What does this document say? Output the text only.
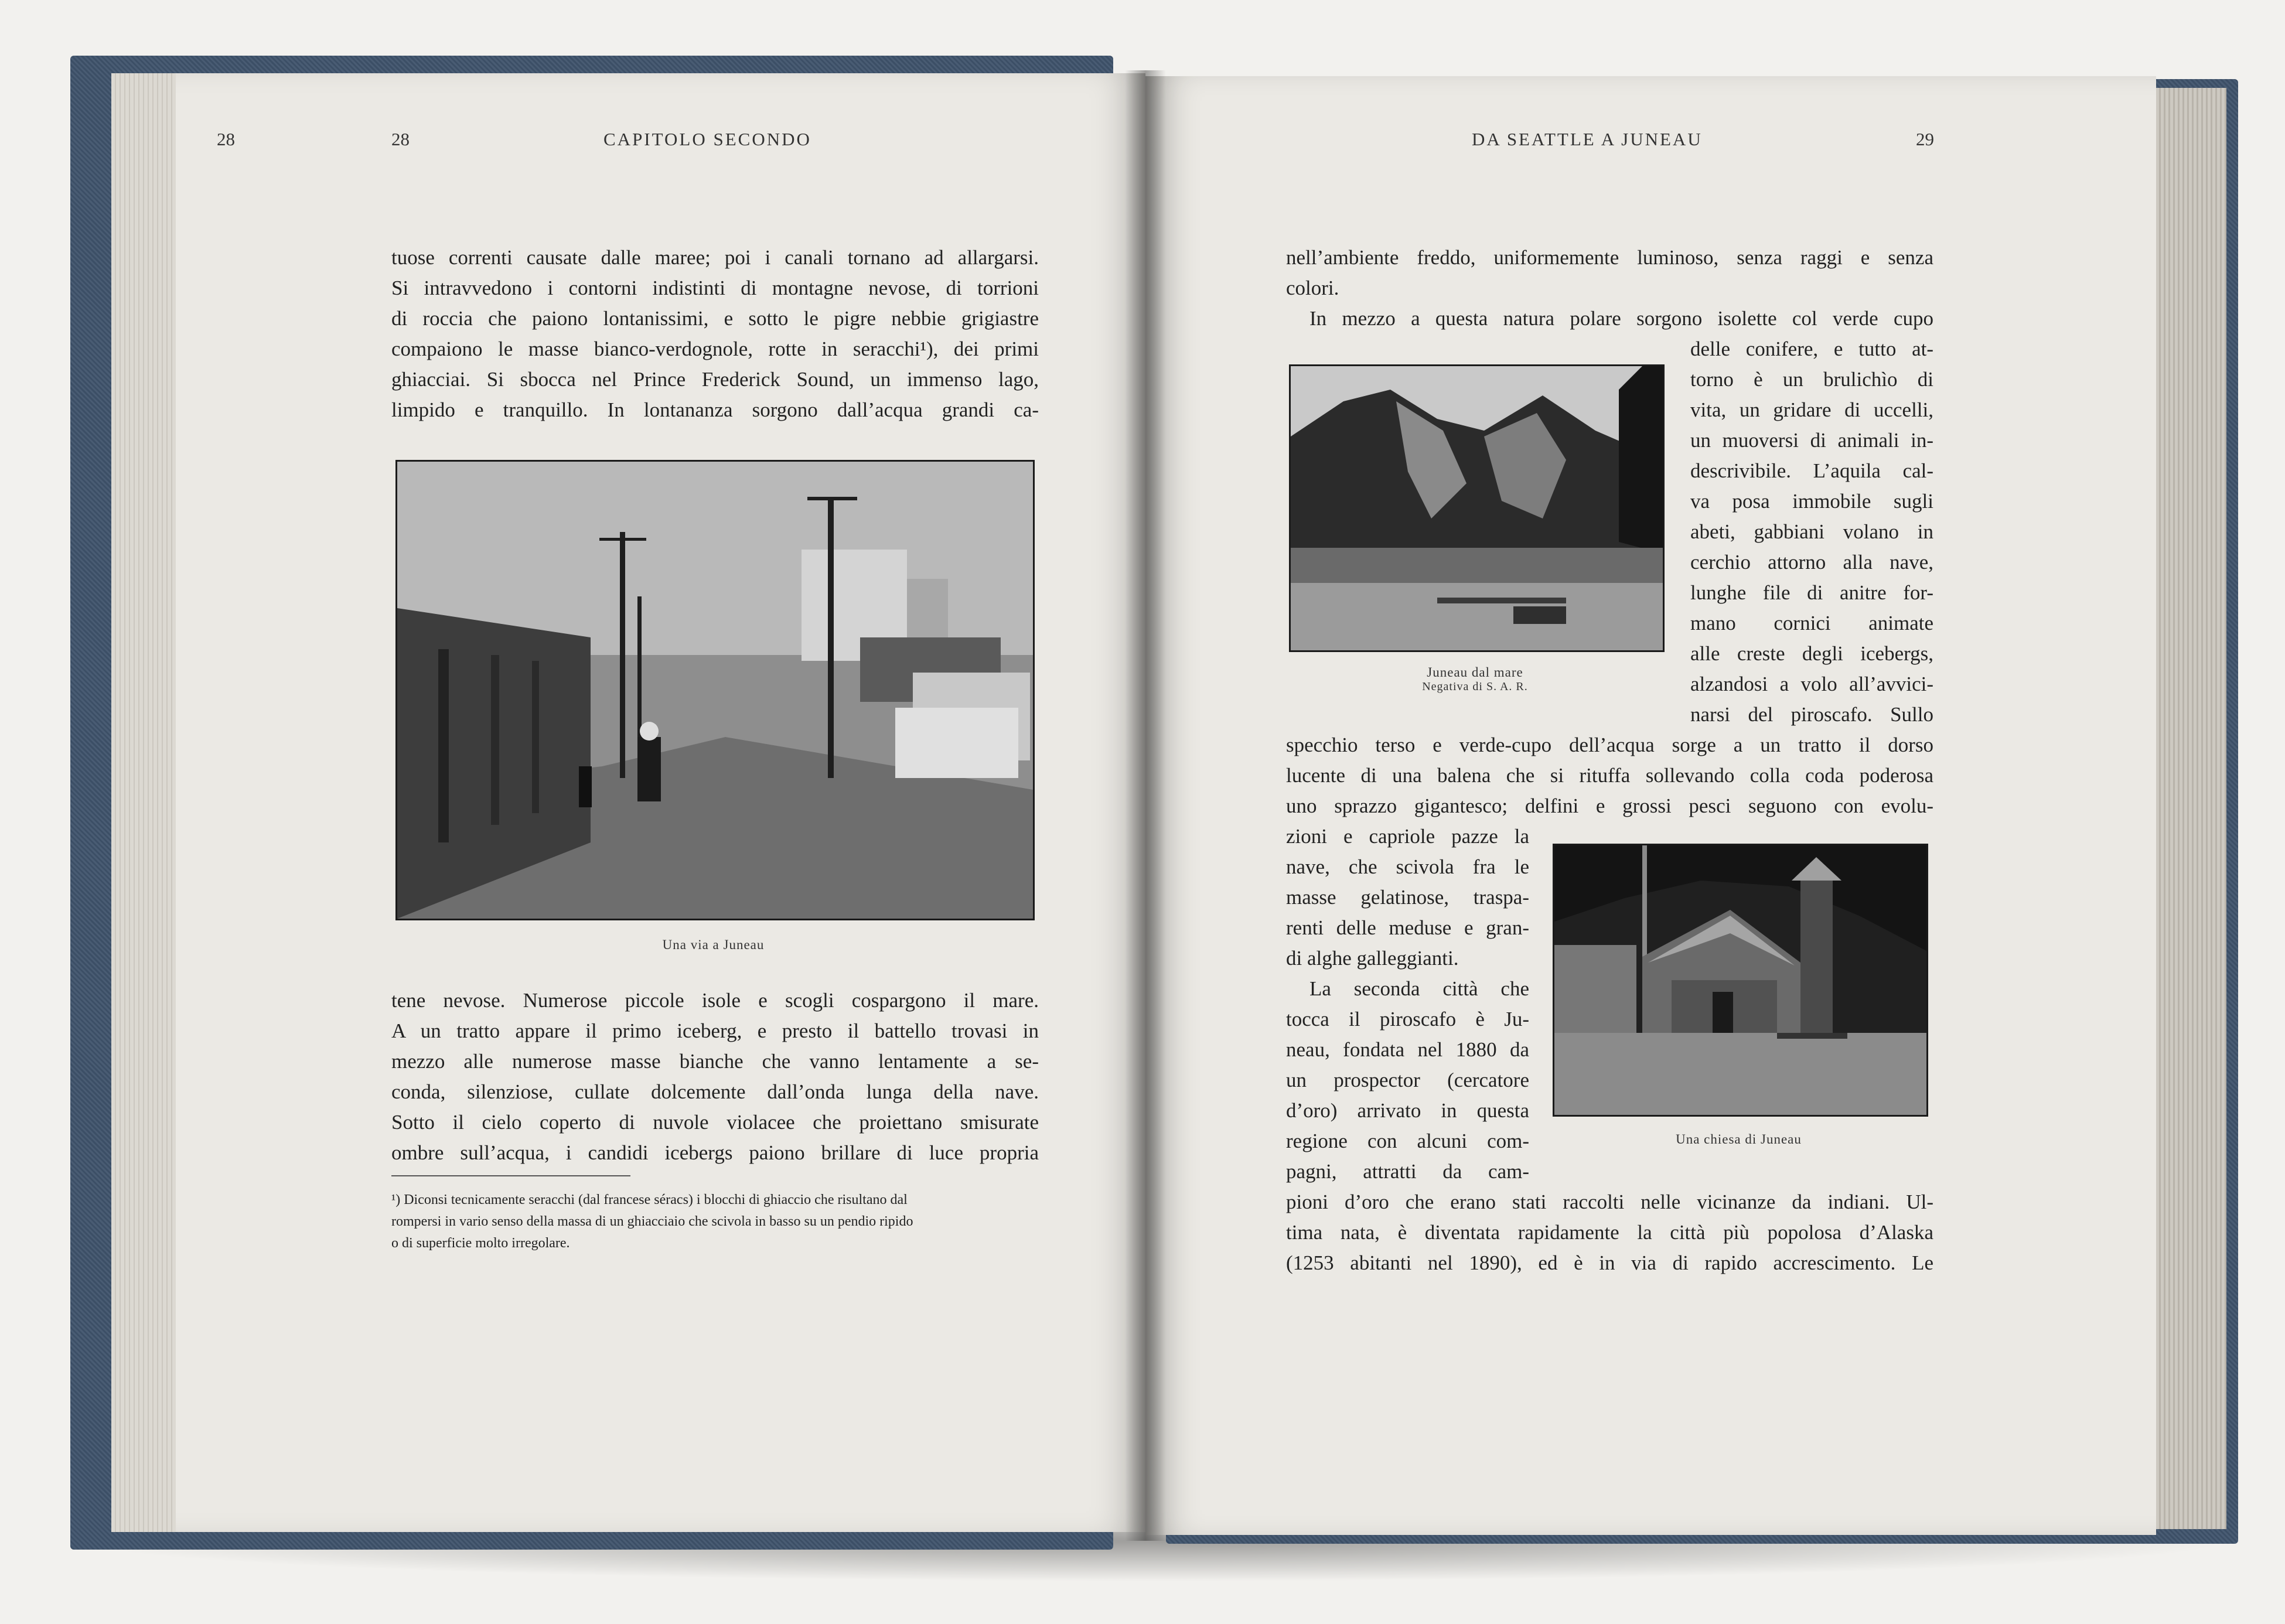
28	28	CAPITOLO SECONDO
tuose correnti causate dalle maree; poi i canali tornano ad allargarsi.
Si intravvedono i contorni indistinti di montagne nevose, di torrioni
di roccia che paiono lontanissimi, e sotto le pigre nebbie grigiastre
compaiono le masse bianco-verdognole, rotte in seracchi¹), dei primi
ghiacciai. Si sbocca nel Prince Frederick Sound, un immenso lago,
limpido e tranquillo. In lontananza sorgono dall’acqua grandi ca-
Una via a Juneau
tene nevose. Numerose piccole isole e scogli cospargono il mare.
A un tratto appare il primo iceberg, e presto il battello trovasi in
mezzo alle numerose masse bianche che vanno lentamente a se-
conda, silenziose, cullate dolcemente dall’onda lunga della nave.
Sotto il cielo coperto di nuvole violacee che proiettano smisurate
ombre sull’acqua, i candidi icebergs paiono brillare di luce propria
¹) Diconsi tecnicamente seracchi (dal francese séracs) i blocchi di ghiaccio che risultano dal
rompersi in vario senso della massa di un ghiacciaio che scivola in basso su un pendio ripido
o di superficie molto irregolare.
DA SEATTLE A JUNEAU	29
nell’ambiente freddo, uniformemente luminoso, senza raggi e senza
colori.
In mezzo a questa natura polare sorgono isolette col verde cupo
Juneau dal mare
Negativa di S. A. R.
delle conifere, e tutto at-
torno è un brulichìo di
vita, un gridare di uccelli,
un muoversi di animali in-
descrivibile. L’aquila cal-
va posa immobile sugli
abeti, gabbiani volano in
cerchio attorno alla nave,
lunghe file di anitre for-
mano cornici animate
alle creste degli icebergs,
alzandosi a volo all’avvici-
narsi del piroscafo. Sullo
specchio terso e verde-cupo dell’acqua sorge a un tratto il dorso
lucente di una balena che si rituffa sollevando colla coda poderosa
uno sprazzo gigantesco; delfini e grossi pesci seguono con evolu-
zioni e capriole pazze la
nave, che scivola fra le
masse gelatinose, traspa-
renti delle meduse e gran-
di alghe galleggianti.
La seconda città che
tocca il piroscafo è Ju-
neau, fondata nel 1880 da
un prospector (cercatore
d’oro) arrivato in questa
regione con alcuni com-
pagni, attratti da cam-
Una chiesa di Juneau
pioni d’oro che erano stati raccolti nelle vicinanze da indiani. Ul-
tima nata, è diventata rapidamente la città più popolosa d’Alaska
(1253 abitanti nel 1890), ed è in via di rapido accrescimento. Le
